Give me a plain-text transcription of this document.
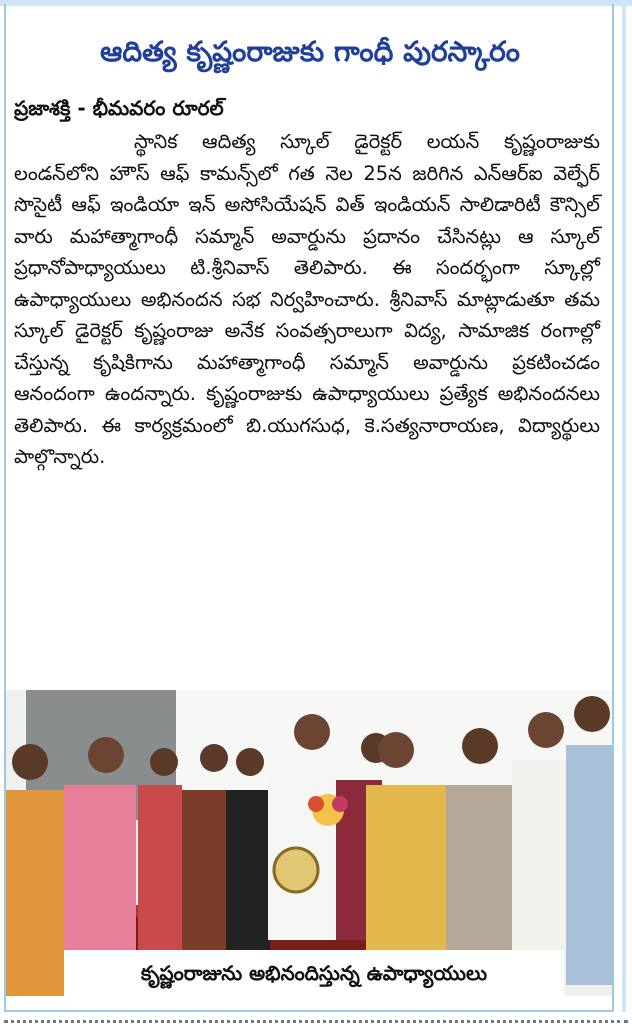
ఆదిత్య కృష్ణంరాజుకు గాంధీ పురస్కారం
ప్రజాశక్తి - భీమవరం రూరల్
స్థానిక ఆదిత్య స్కూల్ డైరెక్టర్ లయన్ కృష్ణంరాజుకు లండన్‌లోని హౌస్ ఆఫ్ కామన్స్‌లో గత నెల 25న జరిగిన ఎన్ఆర్ఐ వెల్ఫేర్ సొసైటీ ఆఫ్ ఇండియా ఇన్ అసోసియేషన్ విత్ ఇండియన్ సాలిడారిటీ కౌన్సిల్ వారు మహాత్మాగాంధీ సమ్మాన్ అవార్డును ప్రదానం చేసినట్లు ఆ స్కూల్ ప్రధానోపాధ్యాయులు టి.శ్రీనివాస్ తెలిపారు. ఈ సందర్భంగా స్కూల్లో ఉపాధ్యాయులు అభినందన సభ నిర్వహించారు. శ్రీనివాస్ మాట్లాడుతూ తమ స్కూల్ డైరెక్టర్ కృష్ణంరాజు అనేక సంవత్సరాలుగా విద్య, సామాజిక రంగాల్లో చేస్తున్న కృషికిగాను మహాత్మాగాంధీ సమ్మాన్ అవార్డును ప్రకటించడం ఆనందంగా ఉందన్నారు. కృష్ణంరాజుకు ఉపాధ్యాయులు ప్రత్యేక అభినందనలు తెలిపారు. ఈ కార్యక్రమంలో బి.యుగసుధ, కె.సత్యనారాయణ, విద్యార్థులు పాల్గొన్నారు.
కృష్ణంరాజును అభినందిస్తున్న ఉపాధ్యాయులు
